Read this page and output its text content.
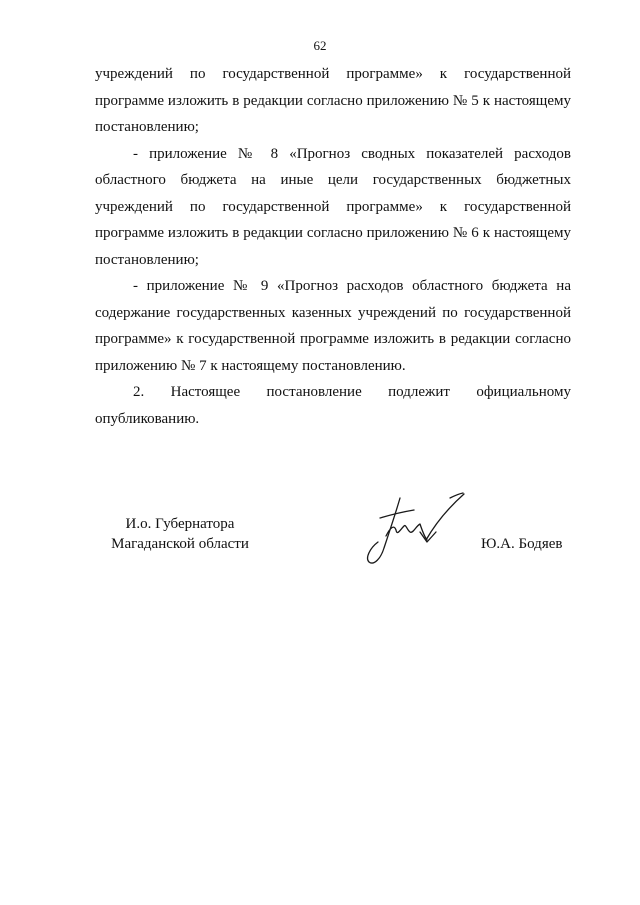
62

учреждений по государственной программе» к государственной программе изложить в редакции согласно приложению № 5 к настоящему постановлению;

- приложение № 8 «Прогноз сводных показателей расходов областного бюджета на иные цели государственных бюджетных учреждений по государственной программе» к государственной программе изложить в редакции согласно приложению № 6 к настоящему постановлению;

- приложение № 9 «Прогноз расходов областного бюджета на содержание государственных казенных учреждений по государственной программе» к государственной программе изложить в редакции согласно приложению № 7 к настоящему постановлению.

2. Настоящее постановление подлежит официальному опубликованию.

И.о. Губернатора
Магаданской области	Ю.А. Бодяев
